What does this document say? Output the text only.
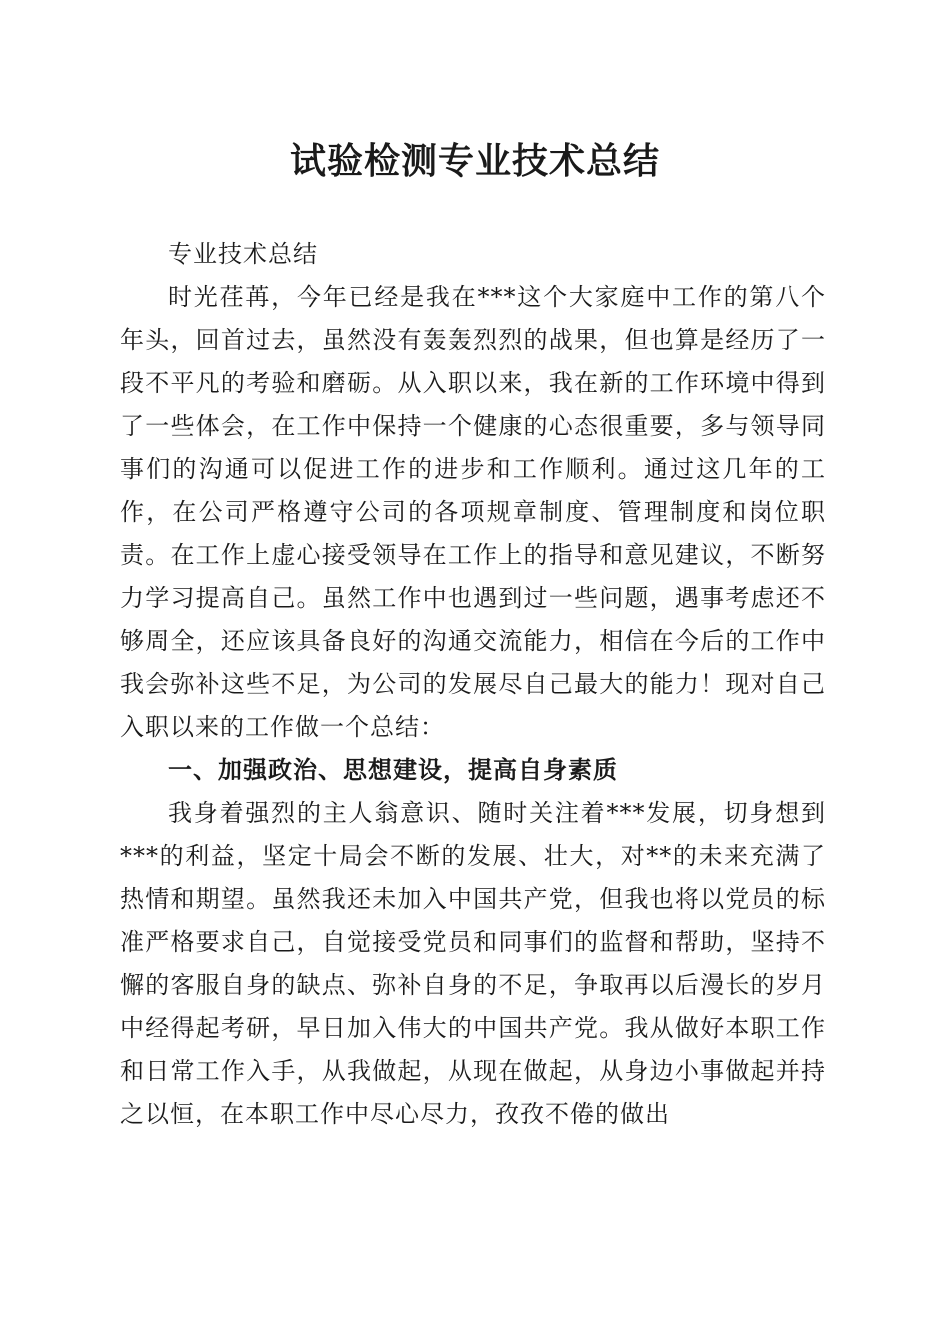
试验检测专业技术总结

专业技术总结

时光荏苒，今年已经是我在***这个大家庭中工作的第八个年头，回首过去，虽然没有轰轰烈烈的战果，但也算是经历了一段不平凡的考验和磨砺。从入职以来，我在新的工作环境中得到了一些体会，在工作中保持一个健康的心态很重要，多与领导同事们的沟通可以促进工作的进步和工作顺利。通过这几年的工作，在公司严格遵守公司的各项规章制度、管理制度和岗位职责。在工作上虚心接受领导在工作上的指导和意见建议，不断努力学习提高自己。虽然工作中也遇到过一些问题，遇事考虑还不够周全，还应该具备良好的沟通交流能力，相信在今后的工作中我会弥补这些不足，为公司的发展尽自己最大的能力！现对自己入职以来的工作做一个总结：

一、加强政治、思想建设，提高自身素质

我身着强烈的主人翁意识、随时关注着***发展，切身想到***的利益，坚定十局会不断的发展、壮大，对**的未来充满了热情和期望。虽然我还未加入中国共产党，但我也将以党员的标准严格要求自己，自觉接受党员和同事们的监督和帮助，坚持不懈的客服自身的缺点、弥补自身的不足，争取再以后漫长的岁月中经得起考研，早日加入伟大的中国共产党。我从做好本职工作和日常工作入手，从我做起，从现在做起，从身边小事做起并持之以恒，在本职工作中尽心尽力，孜孜不倦的做出
